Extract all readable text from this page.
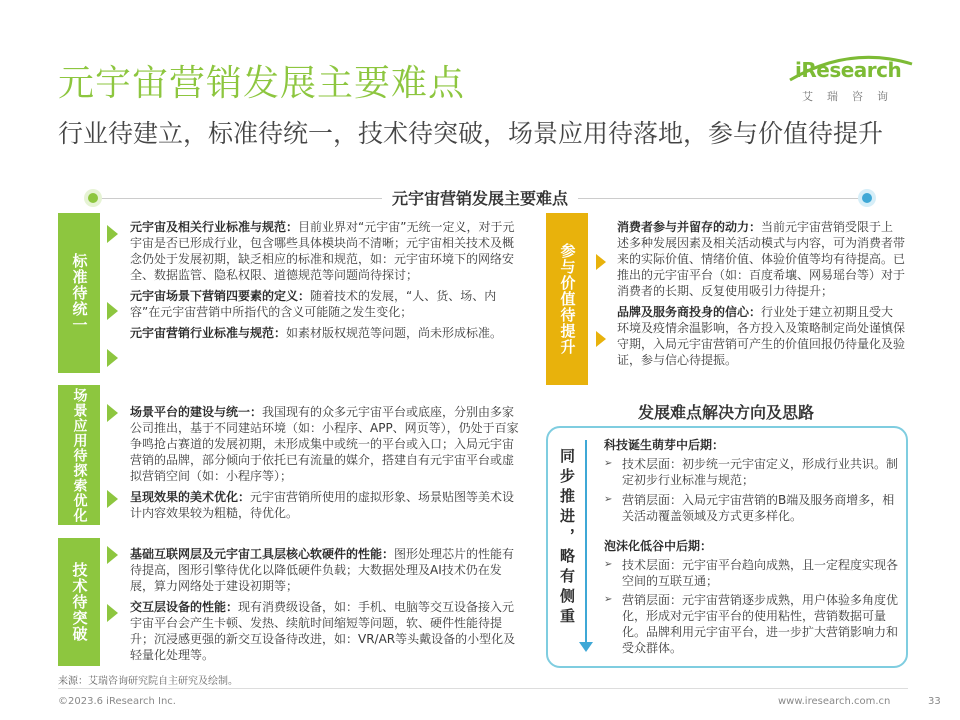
元宇宙营销发展主要难点
行业待建立，标准待统一，技术待突破，场景应用待落地，参与价值待提升
iResearch
艾瑞咨询
元宇宙营销发展主要难点
标准待统一

元宇宙及相关行业标准与规范：目前业界对“元宇宙”无统一定义，对于元宇宙是否已形成行业，包含哪些具体模块尚不清晰；元宇宙相关技术及概念仍处于发展初期，缺乏相应的标准和规范，如：元宇宙环境下的网络安全、数据监管、隐私权限、道德规范等问题尚待探讨；

元宇宙场景下营销四要素的定义：随着技术的发展，“人、货、场、内容”在元宇宙营销中所指代的含义可能随之发生变化；

元宇宙营销行业标准与规范：如素材版权规范等问题，尚未形成标准。

场景应用待探索优化	场景平台的建设与统一：我国现有的众多元宇宙平台或底座，分别由多家公司推出，基于不同建站环境（如：小程序、APP、网页等），仍处于百家争鸣抢占赛道的发展初期，未形成集中或统一的平台或入口；入局元宇宙营销的品牌，部分倾向于依托已有流量的媒介，搭建自有元宇宙平台或虚拟营销空间（如：小程序等）；

呈现效果的美术优化：元宇宙营销所使用的虚拟形象、场景贴图等美术设计内容效果较为粗糙，待优化。

技术待突破

基础互联网层及元宇宙工具层核心软硬件的性能：图形处理芯片的性能有待提高，图形引擎待优化以降低硬件负载；大数据处理及AI技术仍在发展，算力网络处于建设初期等；

交互层设备的性能：现有消费级设备，如：手机、电脑等交互设备接入元宇宙平台会产生卡顿、发热、续航时间缩短等问题，软、硬件性能待提升；沉浸感更强的新交互设备待改进，如：VR/AR等头戴设备的小型化及轻量化处理等。

参与价值待提升

消费者参与并留存的动力：当前元宇宙营销受限于上述多种发展因素及相关活动模式与内容，可为消费者带来的实际价值、情绪价值、体验价值等均有待提高。已推出的元宇宙平台（如：百度希壤、网易瑶台等）对于消费者的长期、反复使用吸引力待提升；

品牌及服务商投身的信心：行业处于建立初期且受大环境及疫情余温影响，各方投入及策略制定尚处谨慎保守期，入局元宇宙营销可产生的价值回报仍待量化及验证，参与信心待提振。

发展难点解决方向及思路
同步推进，略有侧重
科技诞生萌芽中后期：
➢ 技术层面：初步统一元宇宙定义，形成行业共识。制定初步行业标准与规范；
➢ 营销层面：入局元宇宙营销的B端及服务商增多，相关活动覆盖领域及方式更多样化。
泡沫化低谷中后期：
➢ 技术层面：元宇宙平台趋向成熟，且一定程度实现各空间的互联互通；
➢ 营销层面：元宇宙营销逐步成熟，用户体验多角度优化，形成对元宇宙平台的使用粘性，营销数据可量化。品牌利用元宇宙平台，进一步扩大营销影响力和受众群体。
来源：艾瑞咨询研究院自主研究及绘制。
©2023.6 iResearch Inc.	www.iresearch.com.cn	33
